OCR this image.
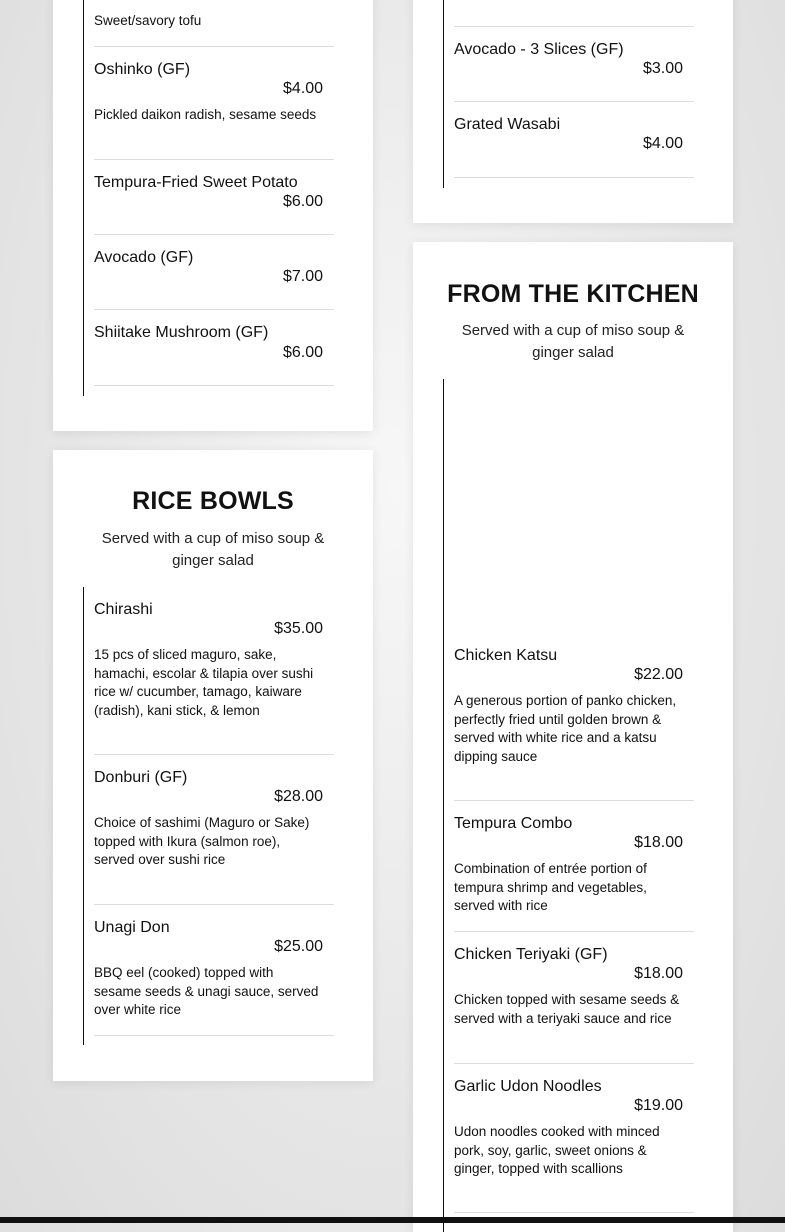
Sweet/savory tofu
Oshinko (GF)
$4.00
Pickled daikon radish, sesame seeds
Tempura-Fried Sweet Potato
$6.00
Avocado (GF)
$7.00
Shiitake Mushroom (GF)
$6.00
Avocado - 3 Slices (GF)
$3.00
Grated Wasabi
$4.00
RICE BOWLS
Served with a cup of miso soup & ginger salad
Chirashi
$35.00
15 pcs of sliced maguro, sake, hamachi, escolar & tilapia over sushi rice w/ cucumber, tamago, kaiware (radish), kani stick, & lemon
Donburi (GF)
$28.00
Choice of sashimi (Maguro or Sake) topped with Ikura (salmon roe), served over sushi rice
Unagi Don
$25.00
BBQ eel (cooked) topped with sesame seeds & unagi sauce, served over white rice
FROM THE KITCHEN
Served with a cup of miso soup & ginger salad
Chicken Katsu
$22.00
A generous portion of panko chicken, perfectly fried until golden brown & served with white rice and a katsu dipping sauce
Tempura Combo
$18.00
Combination of entrée portion of tempura shrimp and vegetables, served with rice
Chicken Teriyaki (GF)
$18.00
Chicken topped with sesame seeds & served with a teriyaki sauce and rice
Garlic Udon Noodles
$19.00
Udon noodles cooked with minced pork, soy, garlic, sweet onions & ginger, topped with scallions
